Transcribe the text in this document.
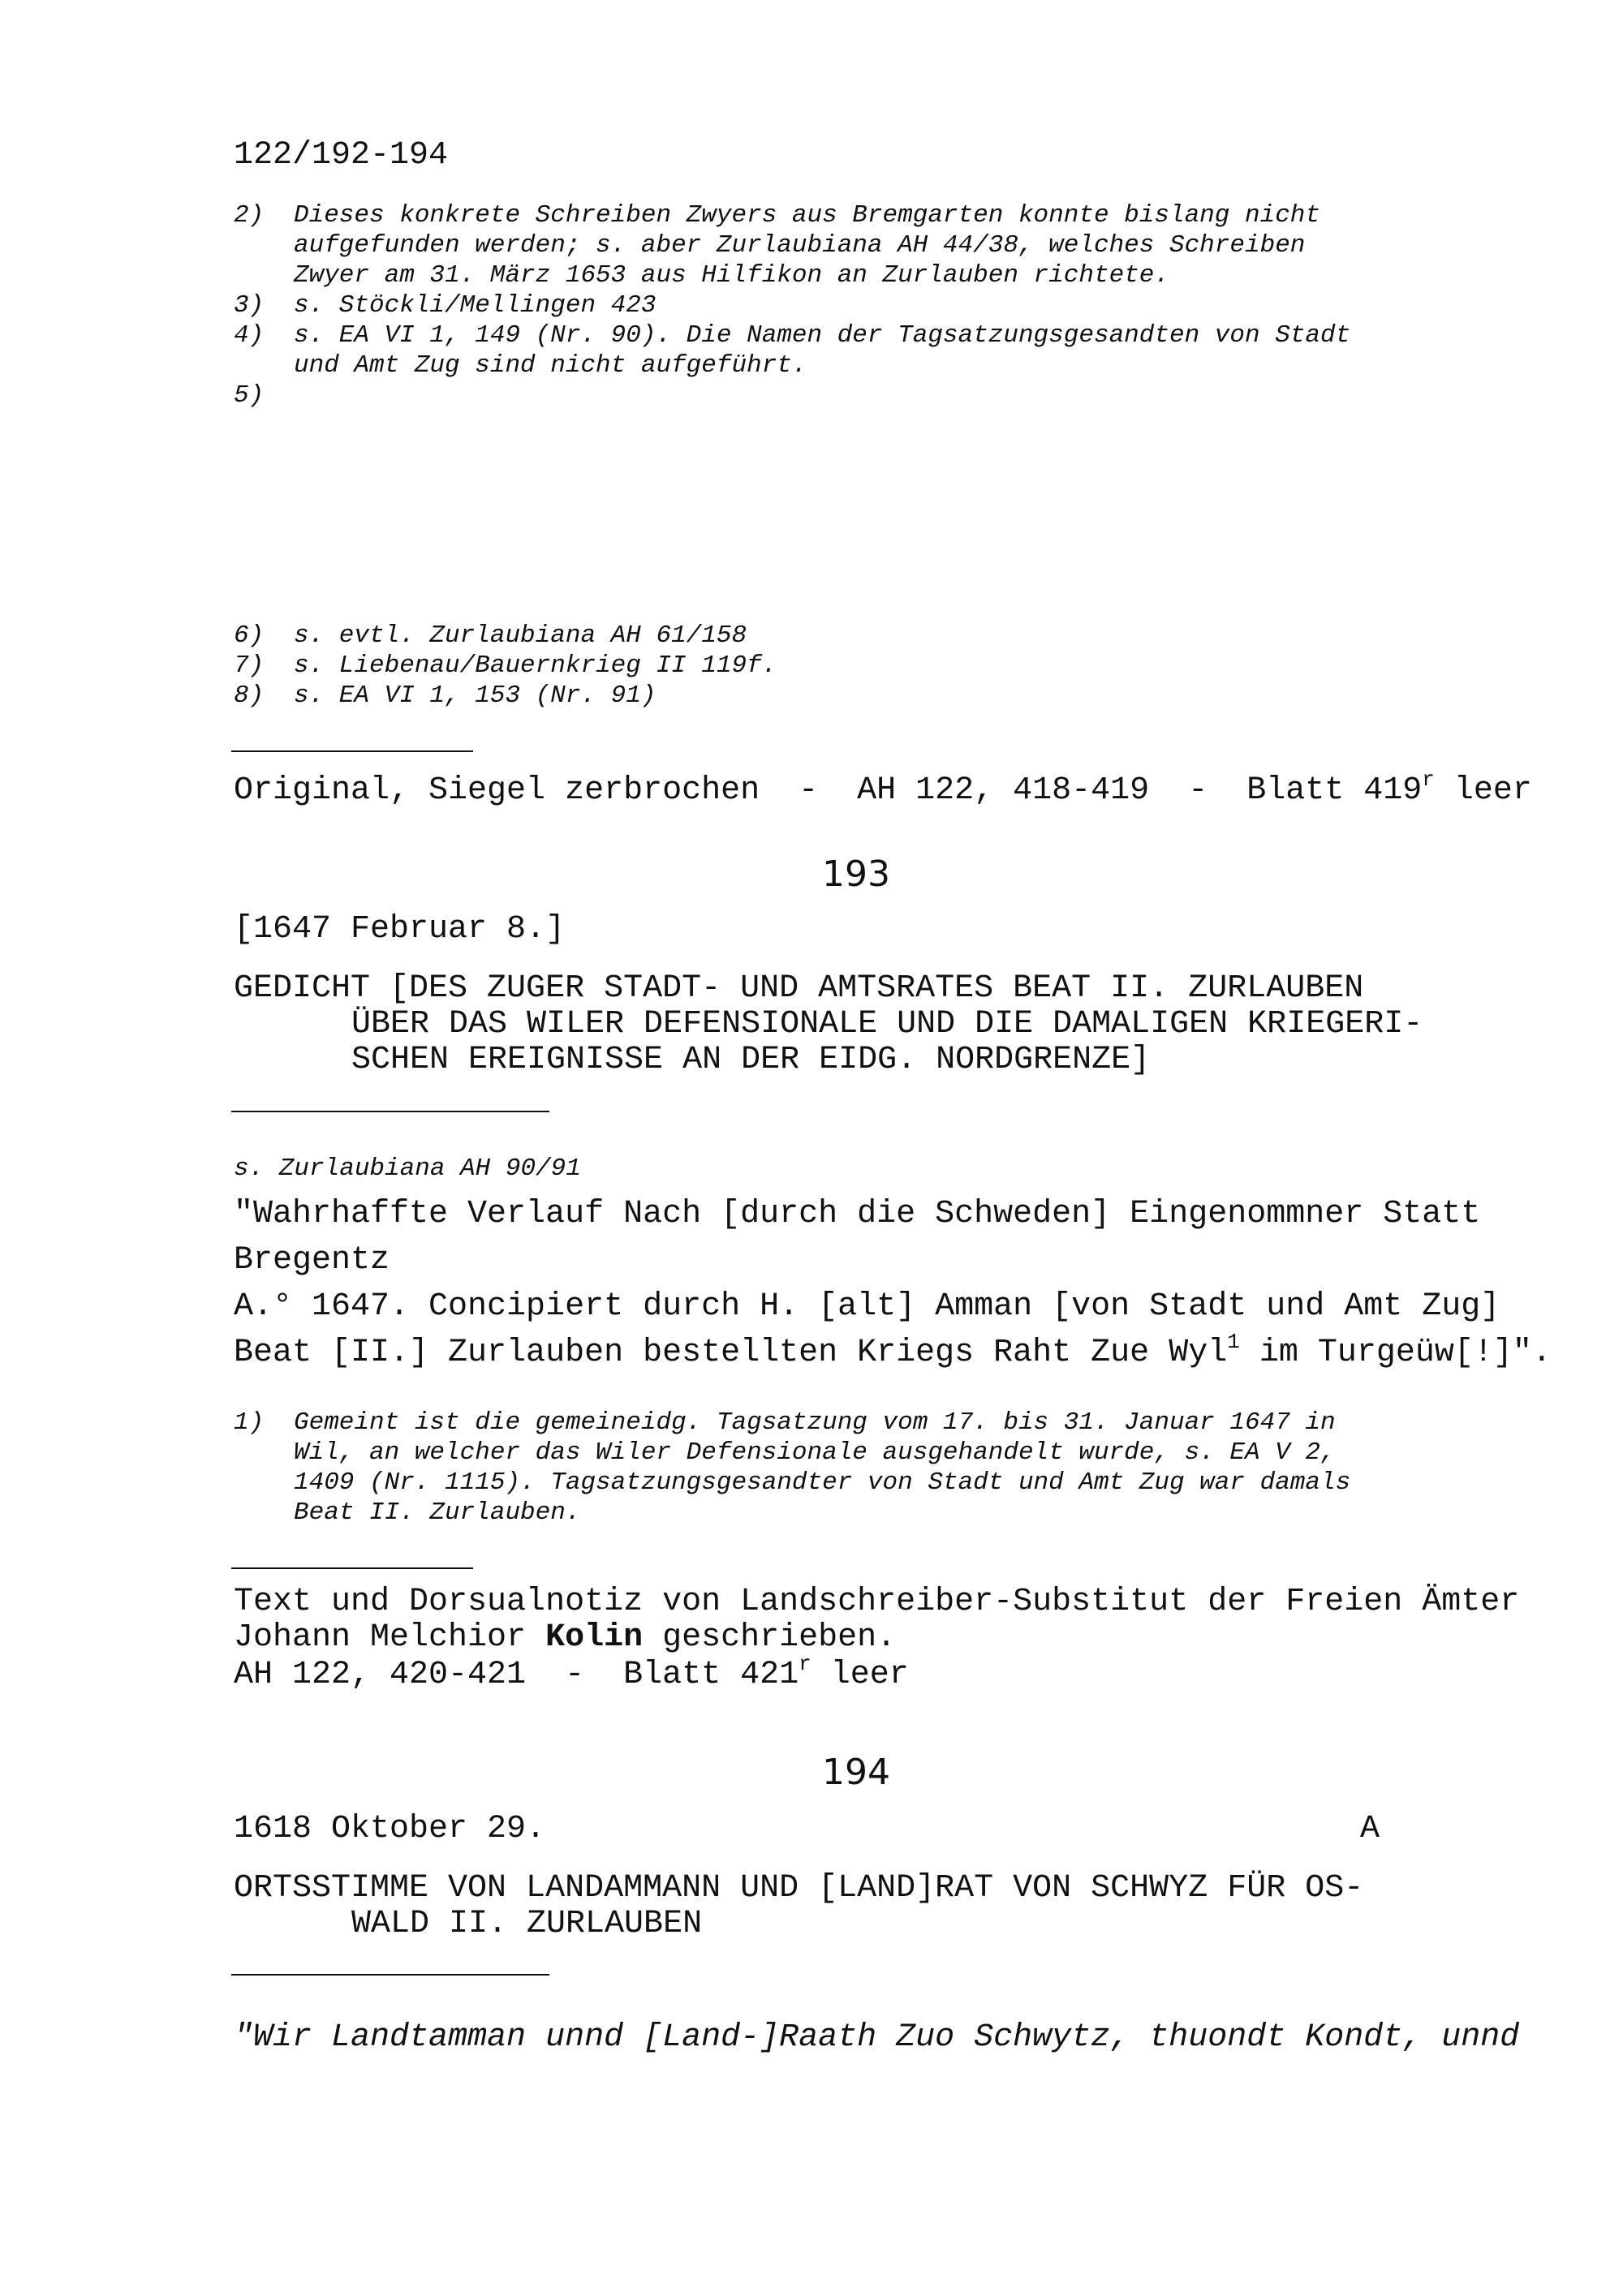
122/192-194
2) Dieses konkrete Schreiben Zwyers aus Bremgarten konnte bislang nicht
aufgefunden werden; s. aber Zurlaubiana AH 44/38, welches Schreiben
Zwyer am 31. März 1653 aus Hilfikon an Zurlauben richtete.
3) s. Stöckli/Mellingen 423
4) s. EA VI 1, 149 (Nr. 90). Die Namen der Tagsatzungsgesandten von Stadt
und Amt Zug sind nicht aufgeführt.
5)
6) s. evtl. Zurlaubiana AH 61/158
7) s. Liebenau/Bauernkrieg II 119f.
8) s. EA VI 1, 153 (Nr. 91)
Original, Siegel zerbrochen  -  AH 122, 418-419  -  Blatt 419$^r$ leer
193
[1647 Februar 8.]
GEDICHT [DES ZUGER STADT- UND AMTSRATES BEAT II. ZURLAUBEN
ÜBER DAS WILER DEFENSIONALE UND DIE DAMALIGEN KRIEGERI-
SCHEN EREIGNISSE AN DER EIDG. NORDGRENZE]
s. Zurlaubiana AH 90/91
"Wahrhaffte Verlauf Nach [durch die Schweden] Eingenommner Statt
Bregentz
A.° 1647. Concipiert durch H. [alt] Amman [von Stadt und Amt Zug]
Beat [II.] Zurlauben bestellten Kriegs Raht Zue Wyl$^1$ im Turgeüw[!]".
1) Gemeint ist die gemeineidg. Tagsatzung vom 17. bis 31. Januar 1647 in
Wil, an welcher das Wiler Defensionale ausgehandelt wurde, s. EA V 2,
1409 (Nr. 1115). Tagsatzungsgesandter von Stadt und Amt Zug war damals
Beat II. Zurlauben.
Text und Dorsualnotiz von Landschreiber-Substitut der Freien Ämter
Johann Melchior Kolin geschrieben.
AH 122, 420-421  -  Blatt 421$^r$ leer
194
1618 Oktober 29.	A
ORTSSTIMME VON LANDAMMANN UND [LAND]RAT VON SCHWYZ FÜR OS-
WALD II. ZURLAUBEN
"Wir Landtamman unnd [Land-]Raath Zuo Schwytz, thuondt Kondt, unnd
